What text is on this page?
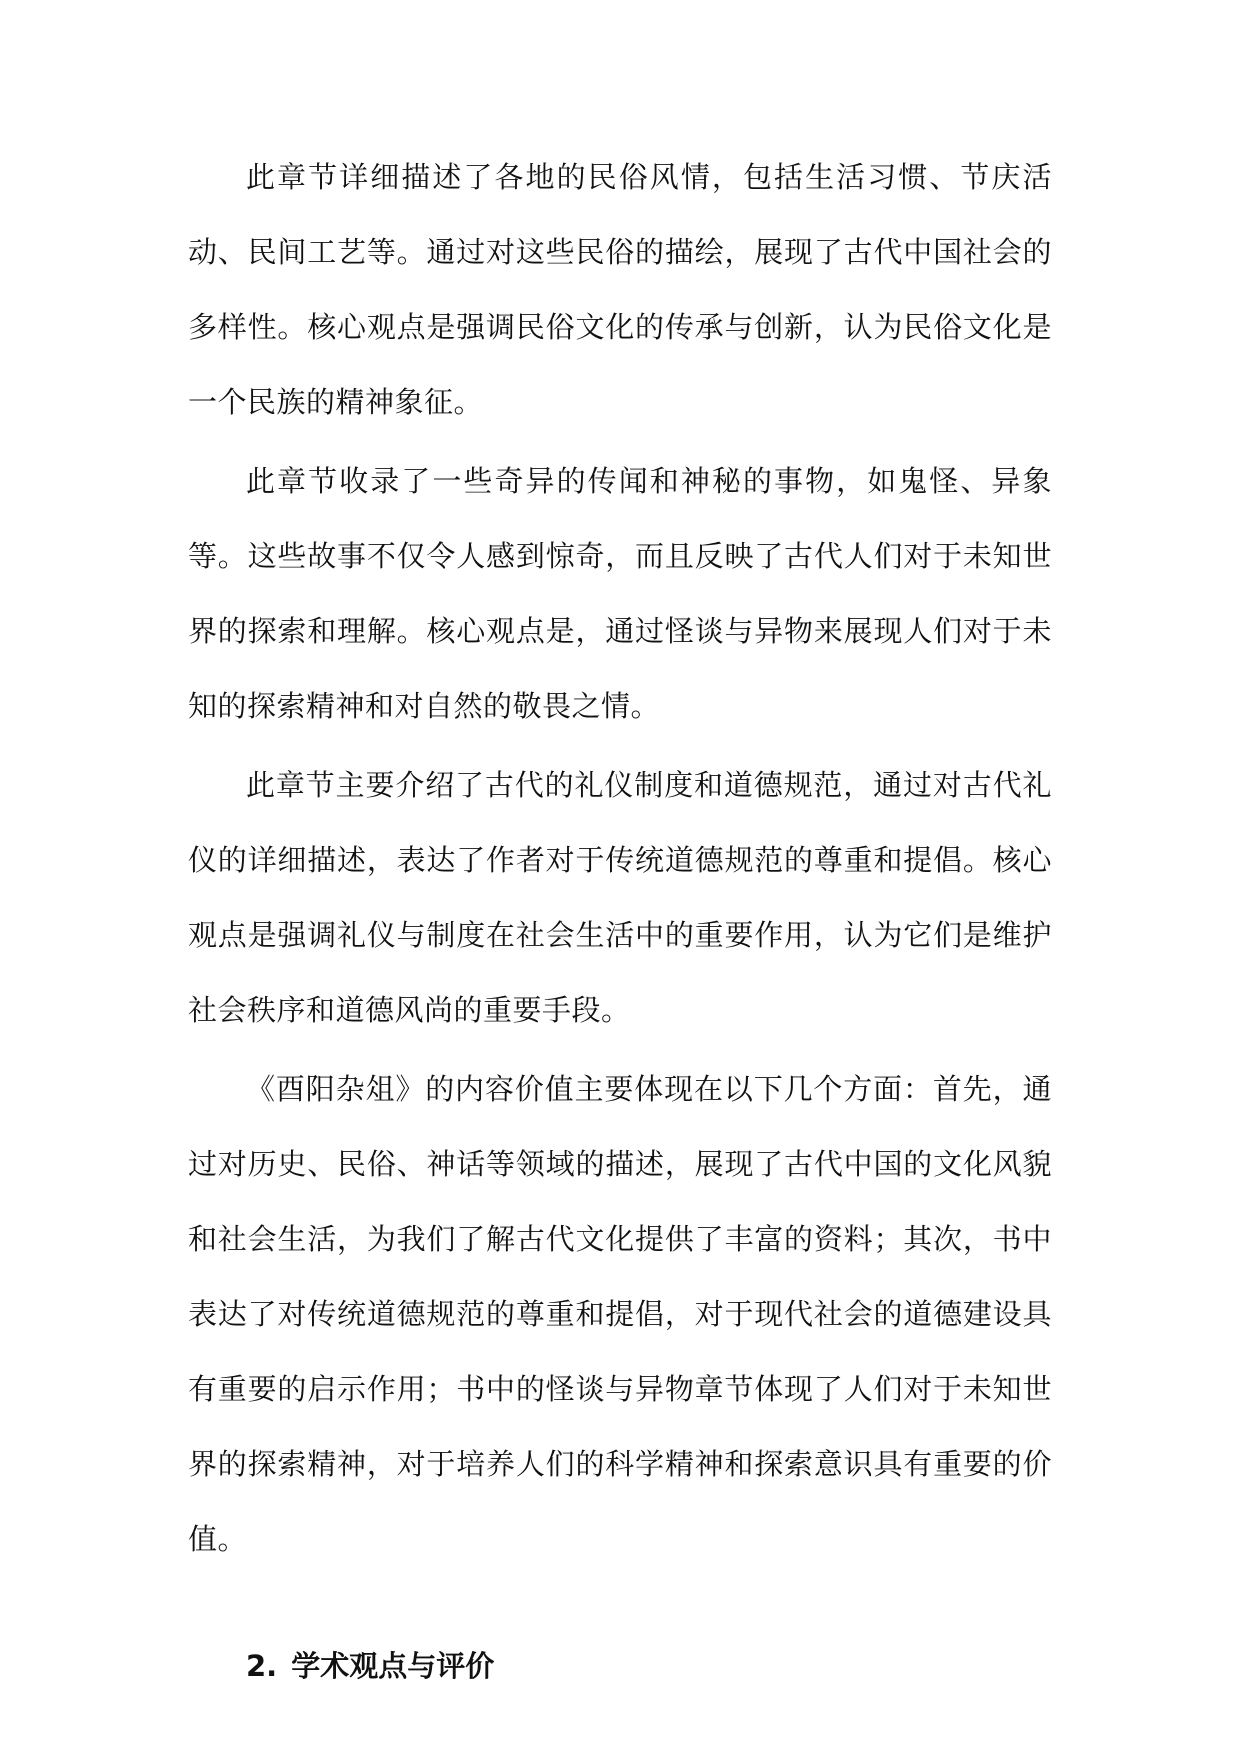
此章节详细描述了各地的民俗风情，包括生活习惯、节庆活动、民间工艺等。通过对这些民俗的描绘，展现了古代中国社会的多样性。核心观点是强调民俗文化的传承与创新，认为民俗文化是一个民族的精神象征。

此章节收录了一些奇异的传闻和神秘的事物，如鬼怪、异象等。这些故事不仅令人感到惊奇，而且反映了古代人们对于未知世界的探索和理解。核心观点是，通过怪谈与异物来展现人们对于未知的探索精神和对自然的敬畏之情。

此章节主要介绍了古代的礼仪制度和道德规范，通过对古代礼仪的详细描述，表达了作者对于传统道德规范的尊重和提倡。核心观点是强调礼仪与制度在社会生活中的重要作用，认为它们是维护社会秩序和道德风尚的重要手段。

《酉阳杂俎》的内容价值主要体现在以下几个方面：首先，通过对历史、民俗、神话等领域的描述，展现了古代中国的文化风貌和社会生活，为我们了解古代文化提供了丰富的资料；其次，书中表达了对传统道德规范的尊重和提倡，对于现代社会的道德建设具有重要的启示作用；书中的怪谈与异物章节体现了人们对于未知世界的探索精神，对于培养人们的科学精神和探索意识具有重要的价值。

2. 学术观点与评价
